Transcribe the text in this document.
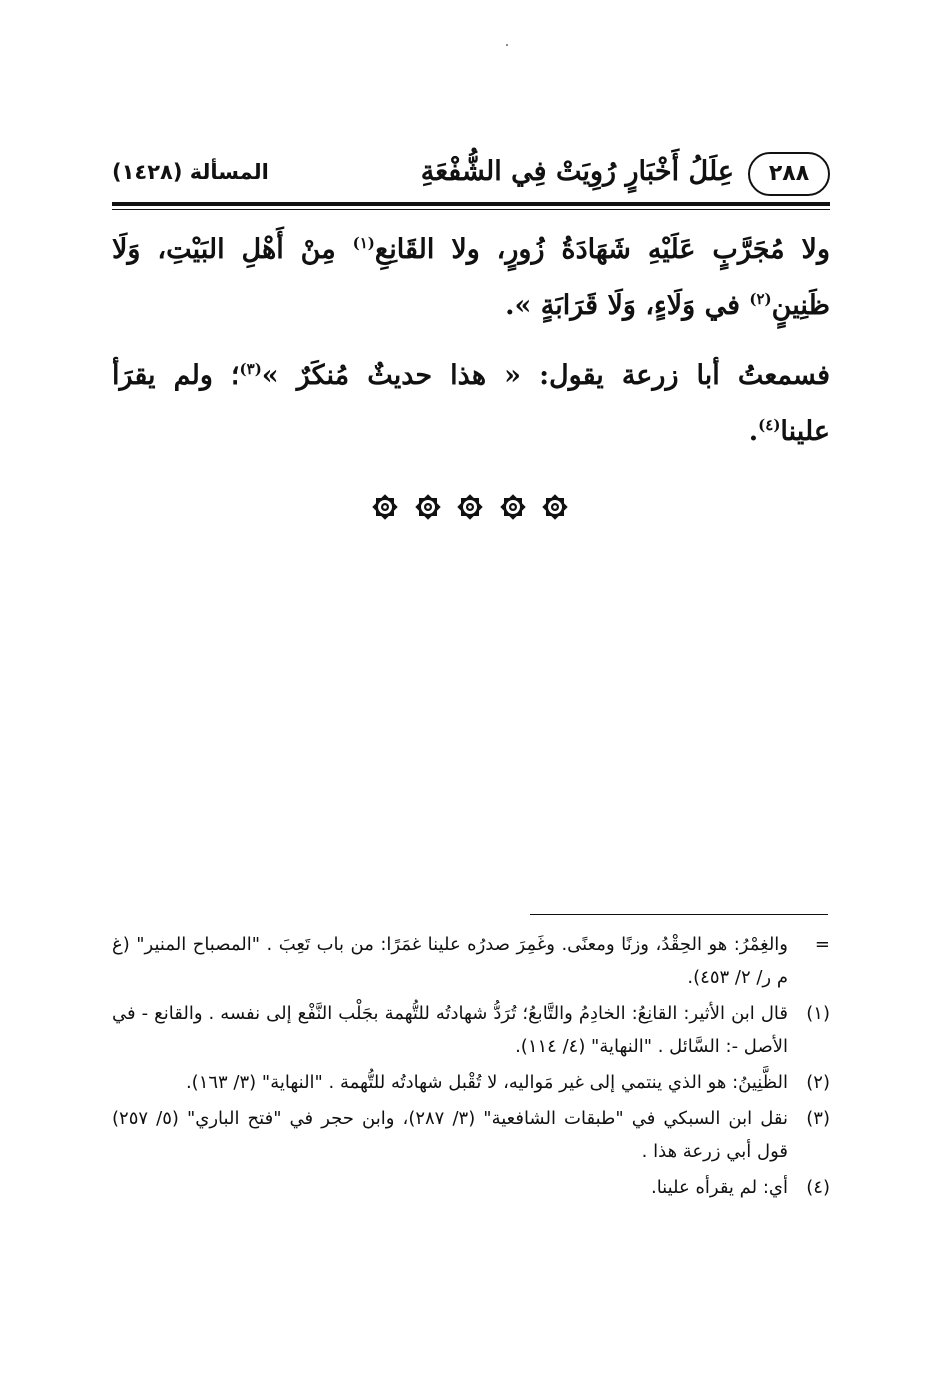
٢٨٨
عِلَلُ أَخْبَارٍ رُوِيَتْ فِي الشُّفْعَةِ
المسألة (١٤٢٨)

ولا مُجَرَّبٍ عَلَيْهِ شَهَادَةُ زُورٍ، ولا القَانِعِ$^{(١)}$ مِنْ أَهْلِ البَيْتِ، وَلَا ظَنِينٍ$^{(٢)}$ في وَلَاءٍ، وَلَا قَرَابَةٍ ».

فسمعتُ أبا زرعة يقول: « هذا حديثٌ مُنكَرٌ »$^{(٣)}$؛ ولم يقرَأ علينا$^{(٤)}$.

=
والغِمْرُ: هو الحِقْدُ، وزنًا ومعنًى. وغَمِرَ صدرُه علينا غمَرًا: من باب تَعِبَ . "المصباح المنير" (غ م ر/ ٢/ ٤٥٣).
(١)
قال ابن الأثير: القانِعُ: الخادِمُ والتَّابعُ؛ تُرَدُّ شهادتُه للتُّهمة بجَلْب النَّفْع إلى نفسه . والقانع - في الأصل -: السَّائل . "النهاية" (٤/ ١١٤).
(٢)
الظَّنِينُ: هو الذي ينتمي إلى غير مَواليه، لا تُقْبل شهادتُه للتُّهمة . "النهاية" (٣/ ١٦٣).
(٣)
نقل ابن السبكي في "طبقات الشافعية" (٣/ ٢٨٧)، وابن حجر في "فتح الباري" (٥/ ٢٥٧) قول أبي زرعة هذا .
(٤)
أي: لم يقرأه علينا.
